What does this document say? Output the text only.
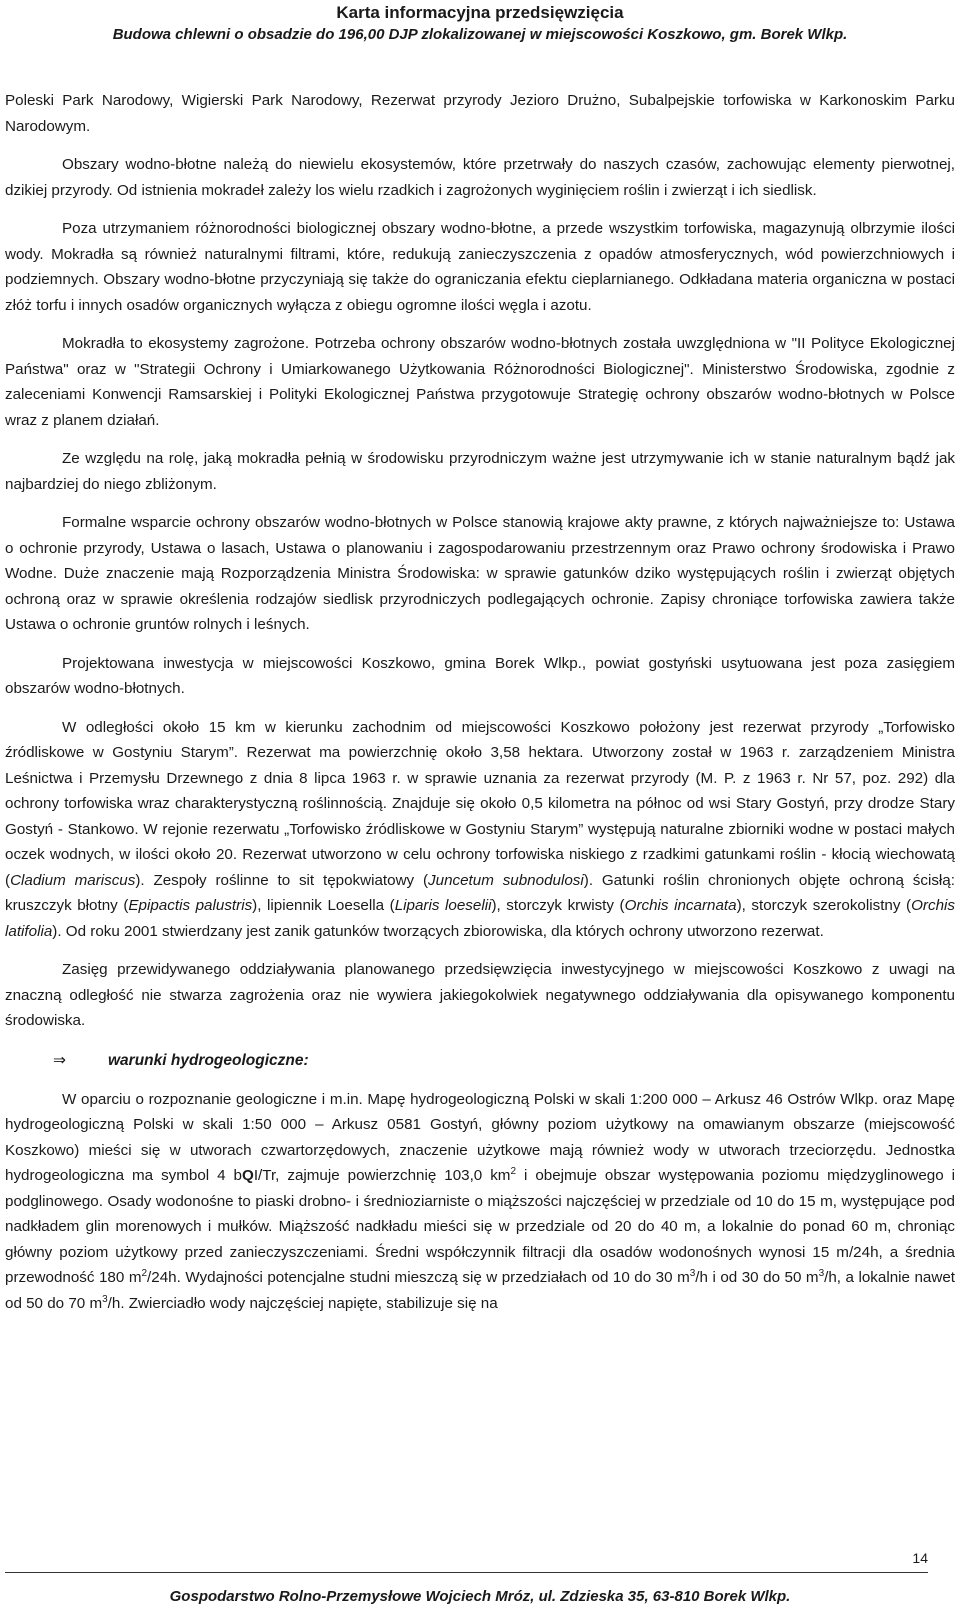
Karta informacyjna przedsięwzięcia
Budowa chlewni o obsadzie do 196,00 DJP zlokalizowanej w miejscowości Koszkowo, gm. Borek Wlkp.

Poleski Park Narodowy, Wigierski Park Narodowy, Rezerwat przyrody Jezioro Drużno, Subalpejskie torfowiska w Karkonoskim Parku Narodowym.

Obszary wodno-błotne należą do niewielu ekosystemów, które przetrwały do naszych czasów, zachowując elementy pierwotnej, dzikiej przyrody. Od istnienia mokradeł zależy los wielu rzadkich i zagrożonych wyginięciem roślin i zwierząt i ich siedlisk.

Poza utrzymaniem różnorodności biologicznej obszary wodno-błotne, a przede wszystkim torfowiska, magazynują olbrzymie ilości wody. Mokradła są również naturalnymi filtrami, które, redukują zanieczyszczenia z opadów atmosferycznych, wód powierzchniowych i podziemnych. Obszary wodno-błotne przyczyniają się także do ograniczania efektu cieplarnianego. Odkładana materia organiczna w postaci złóż torfu i innych osadów organicznych wyłącza z obiegu ogromne ilości węgla i azotu.

Mokradła to ekosystemy zagrożone. Potrzeba ochrony obszarów wodno-błotnych została uwzględniona w "II Polityce Ekologicznej Państwa" oraz w "Strategii Ochrony i Umiarkowanego Użytkowania Różnorodności Biologicznej". Ministerstwo Środowiska, zgodnie z zaleceniami Konwencji Ramsarskiej i Polityki Ekologicznej Państwa przygotowuje Strategię ochrony obszarów wodno-błotnych w Polsce wraz z planem działań.

Ze względu na rolę, jaką mokradła pełnią w środowisku przyrodniczym ważne jest utrzymywanie ich w stanie naturalnym bądź jak najbardziej do niego zbliżonym.

Formalne wsparcie ochrony obszarów wodno-błotnych w Polsce stanowią krajowe akty prawne, z których najważniejsze to: Ustawa o ochronie przyrody, Ustawa o lasach, Ustawa o planowaniu i zagospodarowaniu przestrzennym oraz Prawo ochrony środowiska i Prawo Wodne. Duże znaczenie mają Rozporządzenia Ministra Środowiska: w sprawie gatunków dziko występujących roślin i zwierząt objętych ochroną oraz w sprawie określenia rodzajów siedlisk przyrodniczych podlegających ochronie. Zapisy chroniące torfowiska zawiera także Ustawa o ochronie gruntów rolnych i leśnych.

Projektowana inwestycja w miejscowości Koszkowo, gmina Borek Wlkp., powiat gostyński usytuowana jest poza zasięgiem obszarów wodno-błotnych.

W odległości około 15 km w kierunku zachodnim od miejscowości Koszkowo położony jest rezerwat przyrody „Torfowisko źródliskowe w Gostyniu Starym”. Rezerwat ma powierzchnię około 3,58 hektara. Utworzony został w 1963 r. zarządzeniem Ministra Leśnictwa i Przemysłu Drzewnego z dnia 8 lipca 1963 r. w sprawie uznania za rezerwat przyrody (M. P. z 1963 r. Nr 57, poz. 292) dla ochrony torfowiska wraz charakterystyczną roślinnością. Znajduje się około 0,5 kilometra na północ od wsi Stary Gostyń, przy drodze Stary Gostyń - Stankowo. W rejonie rezerwatu „Torfowisko źródliskowe w Gostyniu Starym” występują naturalne zbiorniki wodne w postaci małych oczek wodnych, w ilości około 20. Rezerwat utworzono w celu ochrony torfowiska niskiego z rzadkimi gatunkami roślin - kłocią wiechowatą (Cladium mariscus). Zespoły roślinne to sit tępokwiatowy (Juncetum subnodulosi). Gatunki roślin chronionych objęte ochroną ścisłą: kruszczyk błotny (Epipactis palustris), lipiennik Loesella (Liparis loeselii), storczyk krwisty (Orchis incarnata), storczyk szerokolistny (Orchis latifolia). Od roku 2001 stwierdzany jest zanik gatunków tworzących zbiorowiska, dla których ochrony utworzono rezerwat.

Zasięg przewidywanego oddziaływania planowanego przedsięwzięcia inwestycyjnego w miejscowości Koszkowo z uwagi na znaczną odległość nie stwarza zagrożenia oraz nie wywiera jakiegokolwiek negatywnego oddziaływania dla opisywanego komponentu środowiska.

⇒	warunki hydrogeologiczne:

W oparciu o rozpoznanie geologiczne i m.in. Mapę hydrogeologiczną Polski w skali 1:200 000 – Arkusz 46 Ostrów Wlkp. oraz Mapę hydrogeologiczną Polski w skali 1:50 000 – Arkusz 0581 Gostyń, główny poziom użytkowy na omawianym obszarze (miejscowość Koszkowo) mieści się w utworach czwartorzędowych, znaczenie użytkowe mają również wody w utworach trzeciorzędu. Jednostka hydrogeologiczna ma symbol 4 bQI/Tr, zajmuje powierzchnię 103,0 $km^2$ i obejmuje obszar występowania poziomu międzyglinowego i podglinowego. Osady wodonośne to piaski drobno- i średnioziarniste o miąższości najczęściej w przedziale od 10 do 15 m, występujące pod nadkładem glin morenowych i mułków. Miąższość nadkładu mieści się w przedziale od 20 do 40 m, a lokalnie do ponad 60 m, chroniąc główny poziom użytkowy przed zanieczyszczeniami. Średni współczynnik filtracji dla osadów wodonośnych wynosi 15 m/24h, a średnia przewodność 180 $m^2/24h$. Wydajności potencjalne studni mieszczą się w przedziałach od 10 do 30 $m^3/h$ i od 30 do 50 $m^3/h$, a lokalnie nawet od 50 do 70 $m^3/h$. Zwierciadło wody najczęściej napięte, stabilizuje się na

14
Gospodarstwo Rolno-Przemysłowe Wojciech Mróz, ul. Zdzieska 35, 63-810 Borek Wlkp.
